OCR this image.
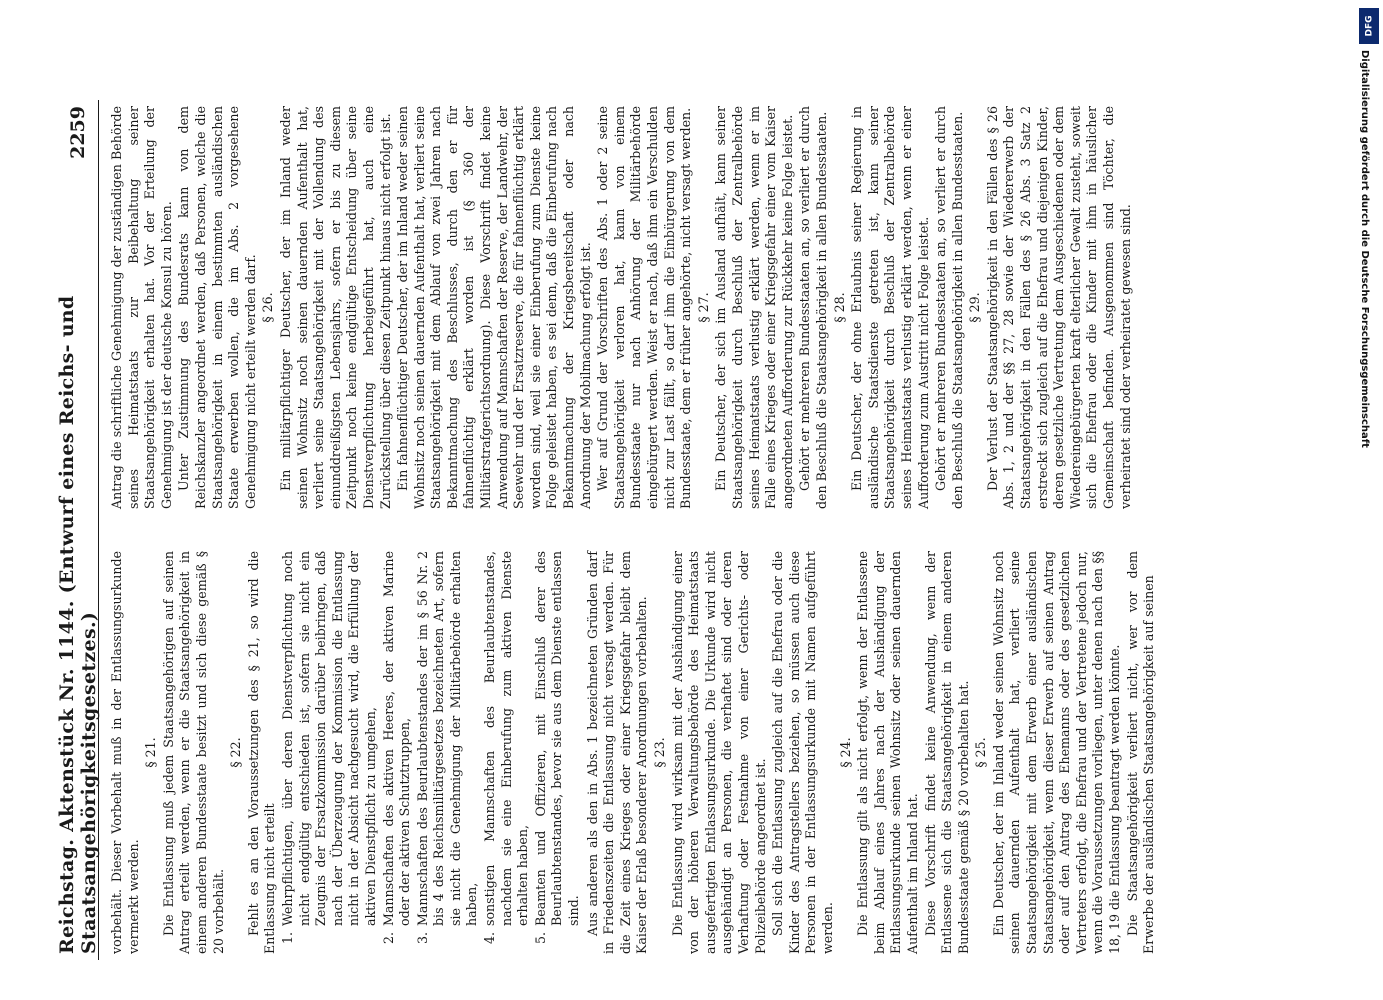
Reichstag. Aktenstück Nr. 1144. (Entwurf eines Reichs- und Staatsangehörigkeitsgesetzes.)
2259

vorbehält. Dieser Vorbehalt muß in der Entlassungsurkunde vermerkt werden.

§ 21. Die Entlassung muß jedem Staatsangehörigen auf seinen Antrag erteilt werden, wenn er die Staatsangehörigkeit in einem anderen Bundesstaate besitzt und sich diese gemäß § 20 vorbehält.

§ 22. Fehlt es an den Voraussetzungen des § 21, so wird die Entlassung nicht erteilt 1.
Wehrpflichtigen, über deren Dienstverpflichtung noch nicht endgültig entschieden ist, sofern sie nicht ein Zeugnis der Ersatzkommission darüber beibringen, daß nach der Überzeugung der Kommission die Entlassung nicht in der Absicht nachgesucht wird, die Erfüllung der aktiven Dienstpflicht zu umgehen,
2.
Mannschaften des aktiven Heeres, der aktiven Marine oder der aktiven Schutztruppen,
3.
Mannschaften des Beurlaubtenstandes der im § 56 Nr. 2 bis 4 des Reichsmilitärgesetzes bezeichneten Art, sofern sie nicht die Genehmigung der Militärbehörde erhalten haben,
4.
sonstigen Mannschaften des Beurlaubtenstandes, nachdem sie eine Einberufung zum aktiven Dienste erhalten haben,
5.
Beamten und Offizieren, mit Einschluß derer des Beurlaubtenstandes, bevor sie aus dem Dienste entlassen sind. Aus anderen als den in Abs. 1 bezeichneten Gründen darf in Friedenszeiten die Entlassung nicht versagt werden. Für die Zeit eines Krieges oder einer Kriegsgefahr bleibt dem Kaiser der Erlaß besonderer Anordnungen vorbehalten. § 23. Die Entlassung wird wirksam mit der Aushändigung einer von der höheren Verwaltungsbehörde des Heimatstaats ausgefertigten Entlassungsurkunde. Die Urkunde wird nicht ausgehändigt an Personen, die verhaftet sind oder deren Verhaftung oder Festnahme von einer Gerichts- oder Polizeibehörde angeordnet ist. Soll sich die Entlassung zugleich auf die Ehefrau oder die Kinder des Antragstellers beziehen, so müssen auch diese Personen in der Entlassungsurkunde mit Namen aufgeführt werden.

§ 24. Die Entlassung gilt als nicht erfolgt, wenn der Entlassene beim Ablauf eines Jahres nach der Aushändigung der Entlassungsurkunde seinen Wohnsitz oder seinen dauernden Aufenthalt im Inland hat. Diese Vorschrift findet keine Anwendung, wenn der Entlassene sich die Staatsangehörigkeit in einem anderen Bundesstaate gemäß § 20 vorbehalten hat. § 25. Ein Deutscher, der im Inland weder seinen Wohnsitz noch seinen dauernden Aufenthalt hat, verliert seine Staatsangehörigkeit mit dem Erwerb einer ausländischen Staatsangehörigkeit, wenn dieser Erwerb auf seinen Antrag oder auf den Antrag des Ehemanns oder des gesetzlichen Vertreters erfolgt, die Ehefrau und der Vertretene jedoch nur, wenn die Voraussetzungen vorliegen, unter denen nach den §§ 18, 19 die Entlassung beantragt werden könnte. Die Staatsangehörigkeit verliert nicht, wer vor dem Erwerbe der ausländischen Staatsangehörigkeit auf seinen

Antrag die schriftliche Genehmigung der zuständigen Behörde seines Heimatstaats zur Beibehaltung seiner Staatsangehörigkeit erhalten hat. Vor der Erteilung der Genehmigung ist der deutsche Konsul zu hören. Unter Zustimmung des Bundesrats kann von dem Reichskanzler angeordnet werden, daß Personen, welche die Staatsangehörigkeit in einem bestimmten ausländischen Staate erwerben wollen, die im Abs. 2 vorgesehene Genehmigung nicht erteilt werden darf. § 26. Ein militärpflichtiger Deutscher, der im Inland weder seinen Wohnsitz noch seinen dauernden Aufenthalt hat, verliert seine Staatsangehörigkeit mit der Vollendung des einunddreißigsten Lebensjahrs, sofern er bis zu diesem Zeitpunkt noch keine endgültige Entscheidung über seine Dienstverpflichtung herbeigeführt hat, auch eine Zurückstellung über diesen Zeitpunkt hinaus nicht erfolgt ist. Ein fahnenflüchtiger Deutscher, der im Inland weder seinen Wohnsitz noch seinen dauernden Aufenthalt hat, verliert seine Staatsangehörigkeit mit dem Ablauf von zwei Jahren nach Bekanntmachung des Beschlusses, durch den er für fahnenflüchtig erklärt worden ist (§ 360 der Militärstrafgerichtsordnung). Diese Vorschrift findet keine Anwendung auf Mannschaften der Reserve, der Landwehr, der Seewehr und der Ersatzreserve, die für fahnenflüchtig erklärt worden sind, weil sie einer Einberufung zum Dienste keine Folge geleistet haben, es sei denn, daß die Einberufung nach Bekanntmachung der Kriegsbereitschaft oder nach Anordnung der Mobilmachung erfolgt ist. Wer auf Grund der Vorschriften des Abs. 1 oder 2 seine Staatsangehörigkeit verloren hat, kann von einem Bundesstaate nur nach Anhörung der Militärbehörde eingebürgert werden. Weist er nach, daß ihm ein Verschulden nicht zur Last fällt, so darf ihm die Einbürgerung von dem Bundesstaate, dem er früher angehörte, nicht versagt werden. § 27. Ein Deutscher, der sich im Ausland aufhält, kann seiner Staatsangehörigkeit durch Beschluß der Zentralbehörde seines Heimatstaats verlustig erklärt werden, wenn er im Falle eines Krieges oder einer Kriegsgefahr einer vom Kaiser angeordneten Aufforderung zur Rückkehr keine Folge leistet. Gehört er mehreren Bundesstaaten an, so verliert er durch den Beschluß die Staatsangehörigkeit in allen Bundesstaaten. § 28. Ein Deutscher, der ohne Erlaubnis seiner Regierung in ausländische Staatsdienste getreten ist, kann seiner Staatsangehörigkeit durch Beschluß der Zentralbehörde seines Heimatstaats verlustig erklärt werden, wenn er einer Aufforderung zum Austritt nicht Folge leistet. Gehört er mehreren Bundesstaaten an, so verliert er durch den Beschluß die Staatsangehörigkeit in allen Bundesstaaten. § 29. Der Verlust der Staatsangehörigkeit in den Fällen des § 26 Abs. 1, 2 und der §§ 27, 28 sowie der Wiedererwerb der Staatsangehörigkeit in den Fällen des § 26 Abs. 3 Satz 2 erstreckt sich zugleich auf die Ehefrau und diejenigen Kinder, deren gesetzliche Vertretung dem Ausgeschiedenen oder dem Wiedereingebürgerten kraft elterlicher Gewalt zusteht, soweit sich die Ehefrau oder die Kinder mit ihm in häuslicher Gemeinschaft befinden. Ausgenommen sind Töchter, die verheiratet sind oder verheiratet gewesen sind.

DFG
Digitalisierung gefördert durch die Deutsche Forschungsgemeinschaft
